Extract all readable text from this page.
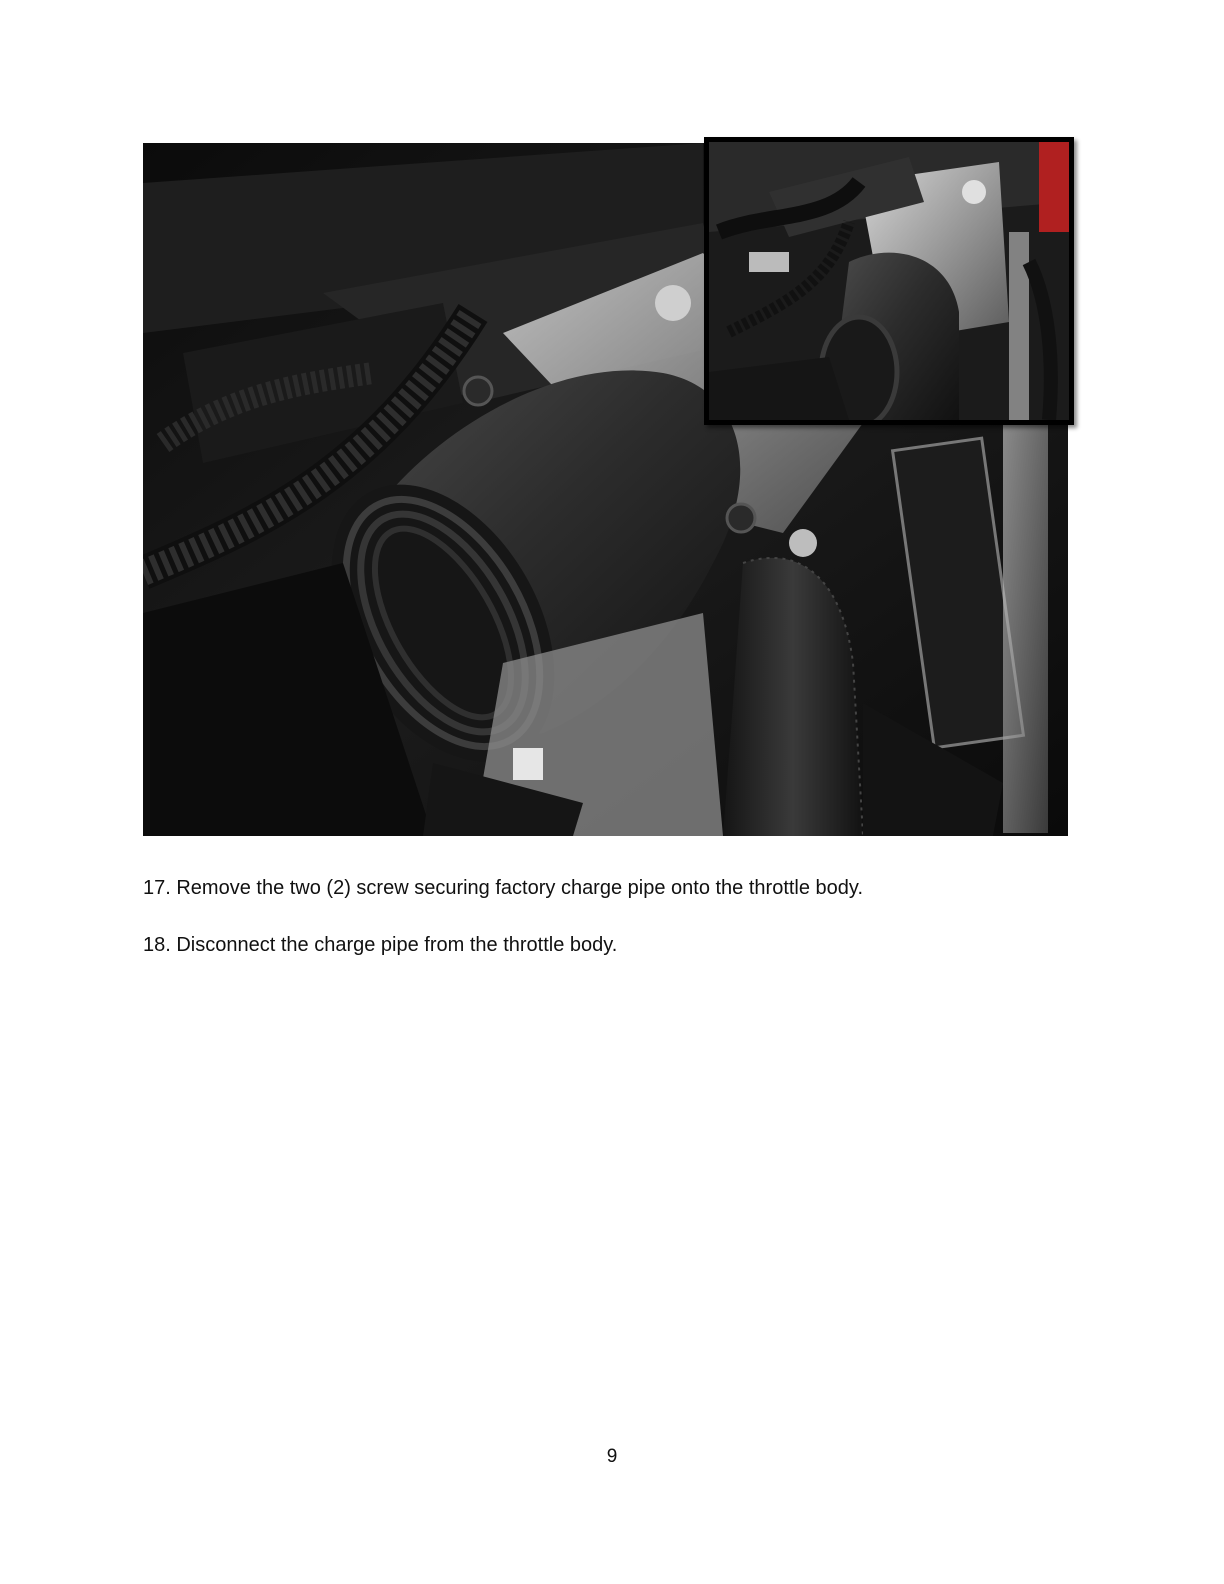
17. Remove the two (2) screw securing factory charge pipe onto the throttle body.

18. Disconnect the charge pipe from the throttle body.

9
